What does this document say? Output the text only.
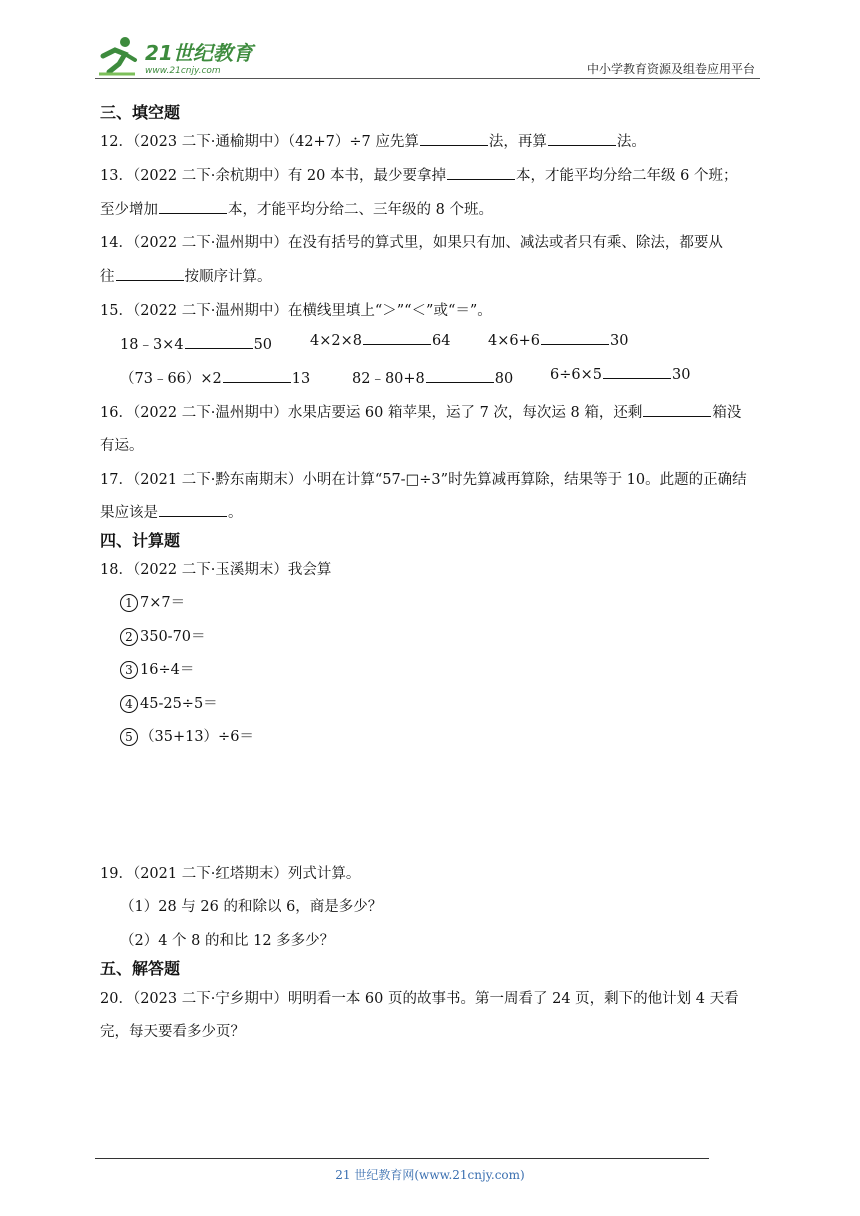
21世纪教育
www.21cnjy.com	中小学教育资源及组卷应用平台
三、填空题
12．（2023 二下·通榆期中）（42+7）÷7 应先算	法，再算	法。
13．（2022 二下·余杭期中）有 20 本书，最少要拿掉	本，才能平均分给二年级 6 个班；
至少增加	本，才能平均分给二、三年级的 8 个班。
14．（2022 二下·温州期中）在没有括号的算式里，如果只有加、减法或者只有乘、除法，都要从
往	按顺序计算。
15．（2022 二下·温州期中）在横线里填上“＞”“＜”或“＝”。
18﹣3×4	50	4×2×8	64	4×6+6	30
（73﹣66）×2	13	82﹣80+8	80	6÷6×5	30
16．（2022 二下·温州期中）水果店要运 60 箱苹果，运了 7 次，每次运 8 箱，还剩	箱没
有运。
17．（2021 二下·黔东南期末）小明在计算“57-□÷3”时先算减再算除，结果等于 10。此题的正确结
果应该是	。
四、计算题
18．（2022 二下·玉溪期末）我会算
1 7×7＝
2 350-70＝
3 16÷4＝
4 45-25÷5＝
5 （35+13）÷6＝
19．（2021 二下·红塔期末）列式计算。
（1）28 与 26 的和除以 6，商是多少？
（2）4 个 8 的和比 12 多多少？
五、解答题
20．（2023 二下·宁乡期中）明明看一本 60 页的故事书。第一周看了 24 页，剩下的他计划 4 天看
完，每天要看多少页？
21 世纪教育网(www.21cnjy.com)
